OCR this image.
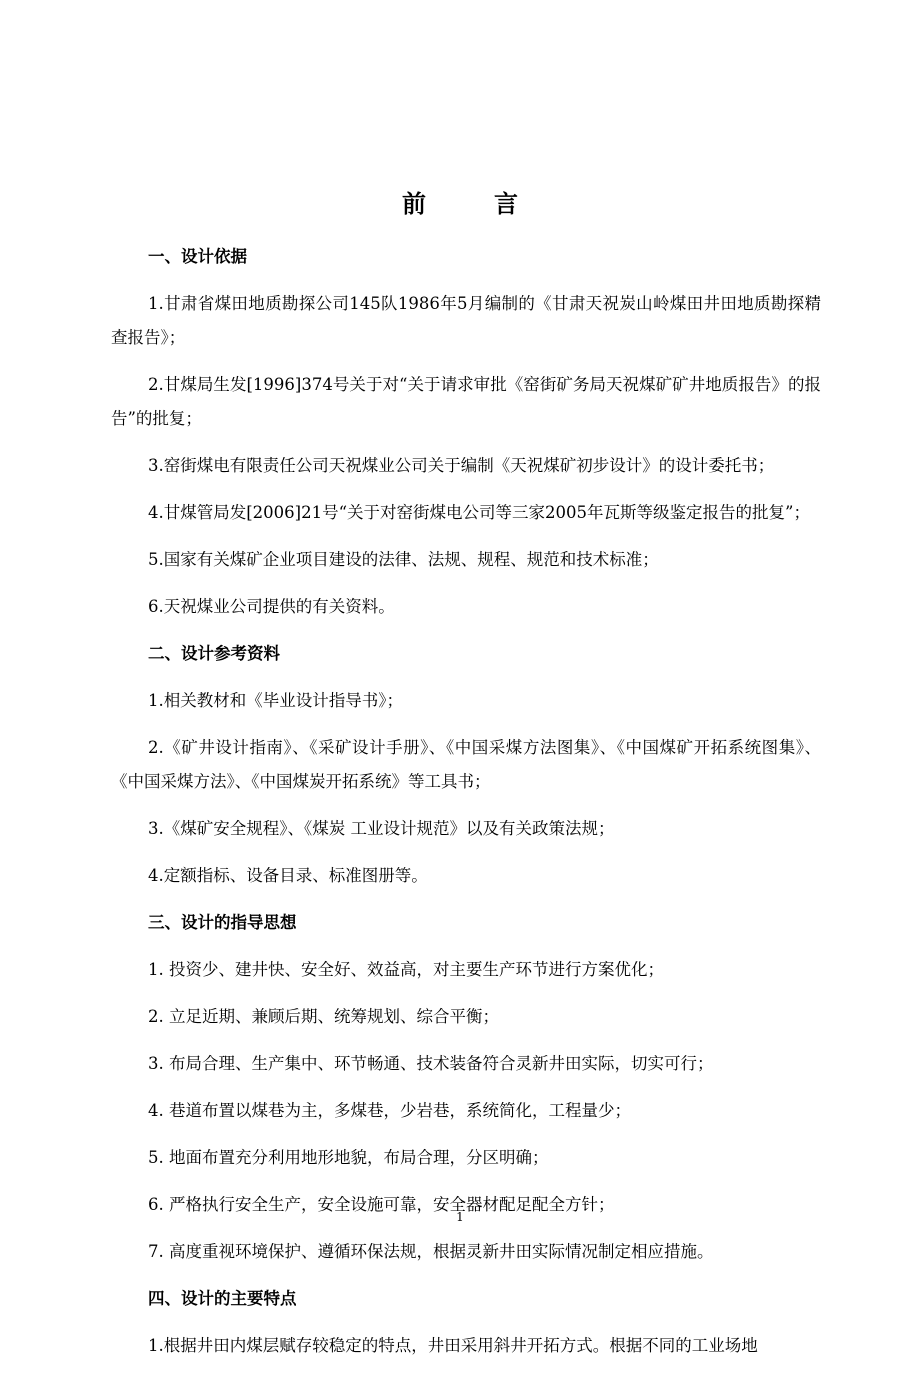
前　言

一、设计依据

1.甘肃省煤田地质勘探公司145队1986年5月编制的《甘肃天祝炭山岭煤田井田地质勘探精查报告》；

2.甘煤局生发[1996]374号关于对“关于请求审批《窑街矿务局天祝煤矿矿井地质报告》的报告”的批复；

3.窑街煤电有限责任公司天祝煤业公司关于编制《天祝煤矿初步设计》的设计委托书；

4.甘煤管局发[2006]21号“关于对窑街煤电公司等三家2005年瓦斯等级鉴定报告的批复”；

5.国家有关煤矿企业项目建设的法律、法规、规程、规范和技术标准；

6.天祝煤业公司提供的有关资料。

二、设计参考资料

1.相关教材和《毕业设计指导书》；

2.《矿井设计指南》、《采矿设计手册》、《中国采煤方法图集》、《中国煤矿开拓系统图集》、《中国采煤方法》、《中国煤炭开拓系统》等工具书；

3.《煤矿安全规程》、《煤炭 工业设计规范》以及有关政策法规；

4.定额指标、设备目录、标准图册等。

三、设计的指导思想

1. 投资少、建井快、安全好、效益高，对主要生产环节进行方案优化；

2. 立足近期、兼顾后期、统筹规划、综合平衡；

3. 布局合理、生产集中、环节畅通、技术装备符合灵新井田实际，切实可行；

4. 巷道布置以煤巷为主，多煤巷，少岩巷，系统简化，工程量少；

5. 地面布置充分利用地形地貌，布局合理，分区明确；

6. 严格执行安全生产，安全设施可靠，安全器材配足配全方针；

7. 高度重视环境保护、遵循环保法规，根据灵新井田实际情况制定相应措施。

四、设计的主要特点

1.根据井田内煤层赋存较稳定的特点，井田采用斜井开拓方式。根据不同的工业场地

1
